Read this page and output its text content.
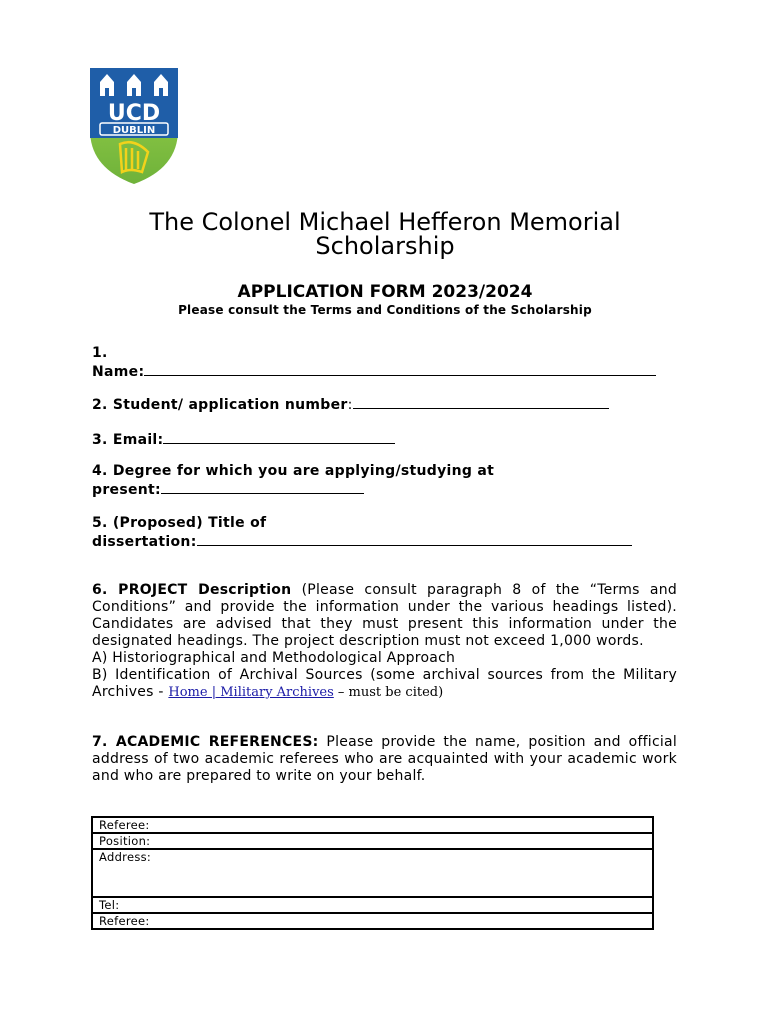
UCD
DUBLIN
The Colonel Michael Hefferon Memorial
Scholarship
APPLICATION FORM 2023/2024
Please consult the Terms and Conditions of the Scholarship
1.
Name:
2. Student/ application number:
3. Email:
4. Degree for which you are applying/studying at
present:
5. (Proposed) Title of
dissertation:
6. PROJECT Description (Please consult paragraph 8 of the “Terms and Conditions” and provide the information under the various headings listed). Candidates are advised that they must present this information under the designated headings. The project description must not exceed 1,000 words.
A) Historiographical and Methodological Approach
B) Identification of Archival Sources (some archival sources from the Military Archives - Home | Military Archives – must be cited)
7. ACADEMIC REFERENCES: Please provide the name, position and official address of two academic referees who are acquainted with your academic work and who are prepared to write on your behalf.
Referee:
Position:
Address:
Tel:
Referee:
